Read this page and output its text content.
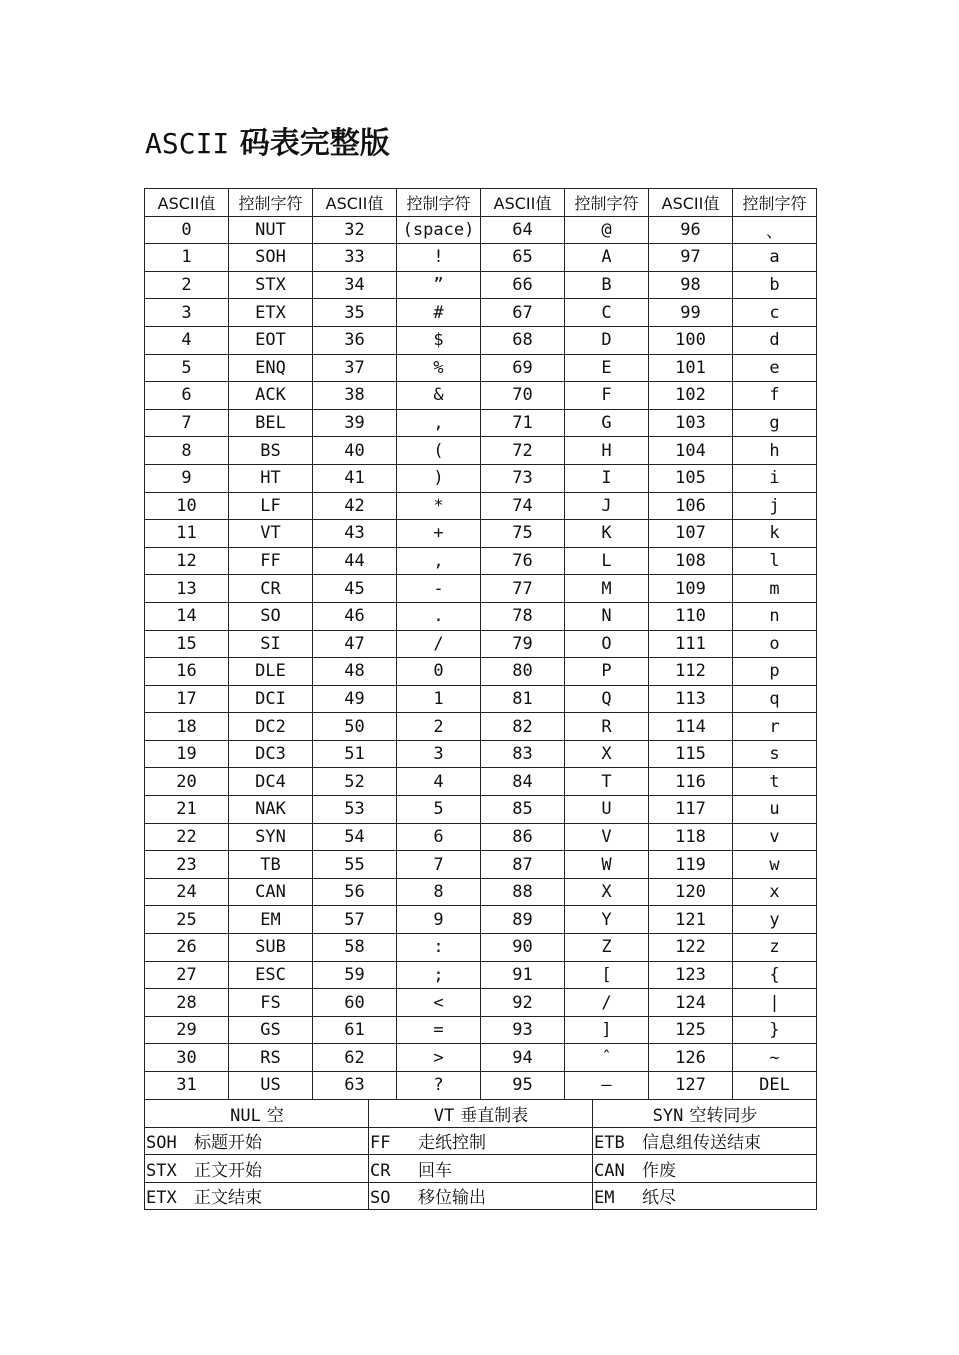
ASCII 码表完整版
ASCII值	控制字符	ASCII值	控制字符	ASCII值	控制字符	ASCII值	控制字符
0	NUT	32	(space)	64	@	96	、
1	SOH	33	!	65	A	97	a
2	STX	34	”	66	B	98	b
3	ETX	35	#	67	C	99	c
4	EOT	36	$	68	D	100	d
5	ENQ	37	%	69	E	101	e
6	ACK	38	&	70	F	102	f
7	BEL	39	,	71	G	103	g
8	BS	40	(	72	H	104	h
9	HT	41	)	73	I	105	i
10	LF	42	*	74	J	106	j
11	VT	43	+	75	K	107	k
12	FF	44	,	76	L	108	l
13	CR	45	-	77	M	109	m
14	SO	46	.	78	N	110	n
15	SI	47	/	79	O	111	o
16	DLE	48	0	80	P	112	p
17	DCI	49	1	81	Q	113	q
18	DC2	50	2	82	R	114	r
19	DC3	51	3	83	X	115	s
20	DC4	52	4	84	T	116	t
21	NAK	53	5	85	U	117	u
22	SYN	54	6	86	V	118	v
23	TB	55	7	87	W	119	w
24	CAN	56	8	88	X	120	x
25	EM	57	9	89	Y	121	y
26	SUB	58	:	90	Z	122	z
27	ESC	59	;	91	[	123	{
28	FS	60	<	92	/	124	|
29	GS	61	=	93	]	125	}
30	RS	62	>	94	ˆ	126	~
31	US	63	?	95	—	127	DEL
NUL 空	VT 垂直制表	SYN 空转同步
SOH 标题开始	FF 走纸控制	ETB 信息组传送结束
STX 正文开始	CR 回车	CAN 作废
ETX 正文结束	SO 移位输出	EM 纸尽
